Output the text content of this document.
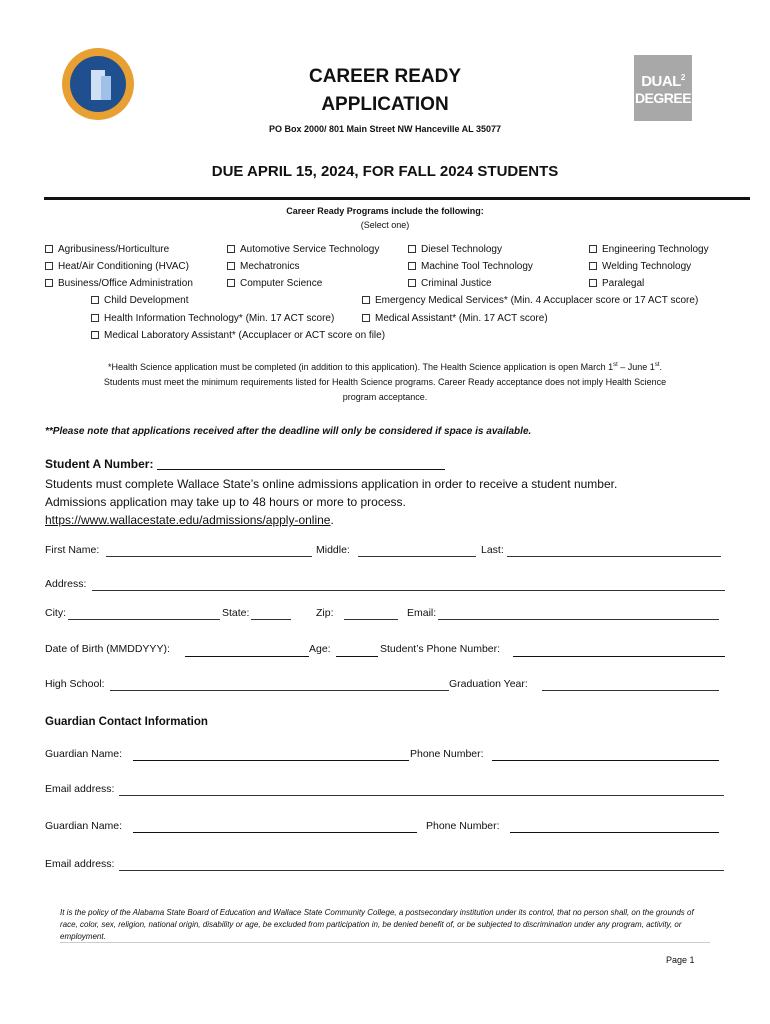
DUAL$^2$
DEGREE
CAREER READY
APPLICATION
PO Box 2000/ 801 Main Street NW Hanceville AL 35077
DUE APRIL 15, 2024, FOR FALL 2024 STUDENTS
Career Ready Programs include the following:
(Select one)
Agribusiness/Horticulture	Automotive Service Technology	Diesel Technology	Engineering Technology
Heat/Air Conditioning (HVAC)	Mechatronics	Machine Tool Technology	Welding Technology
Business/Office Administration	Computer Science	Criminal Justice	Paralegal
Child Development	Emergency Medical Services* (Min. 4 Accuplacer score or 17 ACT score)
Health Information Technology* (Min. 17 ACT score)	Medical Assistant* (Min. 17 ACT score)
Medical Laboratory Assistant* (Accuplacer or ACT score on file)
*Health Science application must be completed (in addition to this application). The Health Science application is open March 1st – June 1st.
Students must meet the minimum requirements listed for Health Science programs. Career Ready acceptance does not imply Health Science
program acceptance.
**Please note that applications received after the deadline will only be considered if space is available.
Student A Number:
Students must complete Wallace State’s online admissions application in order to receive a student number.
Admissions application may take up to 48 hours or more to process.
https://www.wallacestate.edu/admissions/apply-online.
First Name:	Middle:	Last:
Address:
City:	State:	Zip:	Email:
Date of Birth (MMDDYYY):	Age:	Student’s Phone Number:
High School:	Graduation Year:
Guardian Contact Information
Guardian Name:	Phone Number:
Email address:
Guardian Name:	Phone Number:
Email address:
It is the policy of the Alabama State Board of Education and Wallace State Community College, a postsecondary institution under its control, that no person shall, on the grounds of race, color, sex, religion, national origin, disability or age, be excluded from participation in, be denied benefit of, or be subjected to discrimination under any program, activity, or employment.
Page 1
